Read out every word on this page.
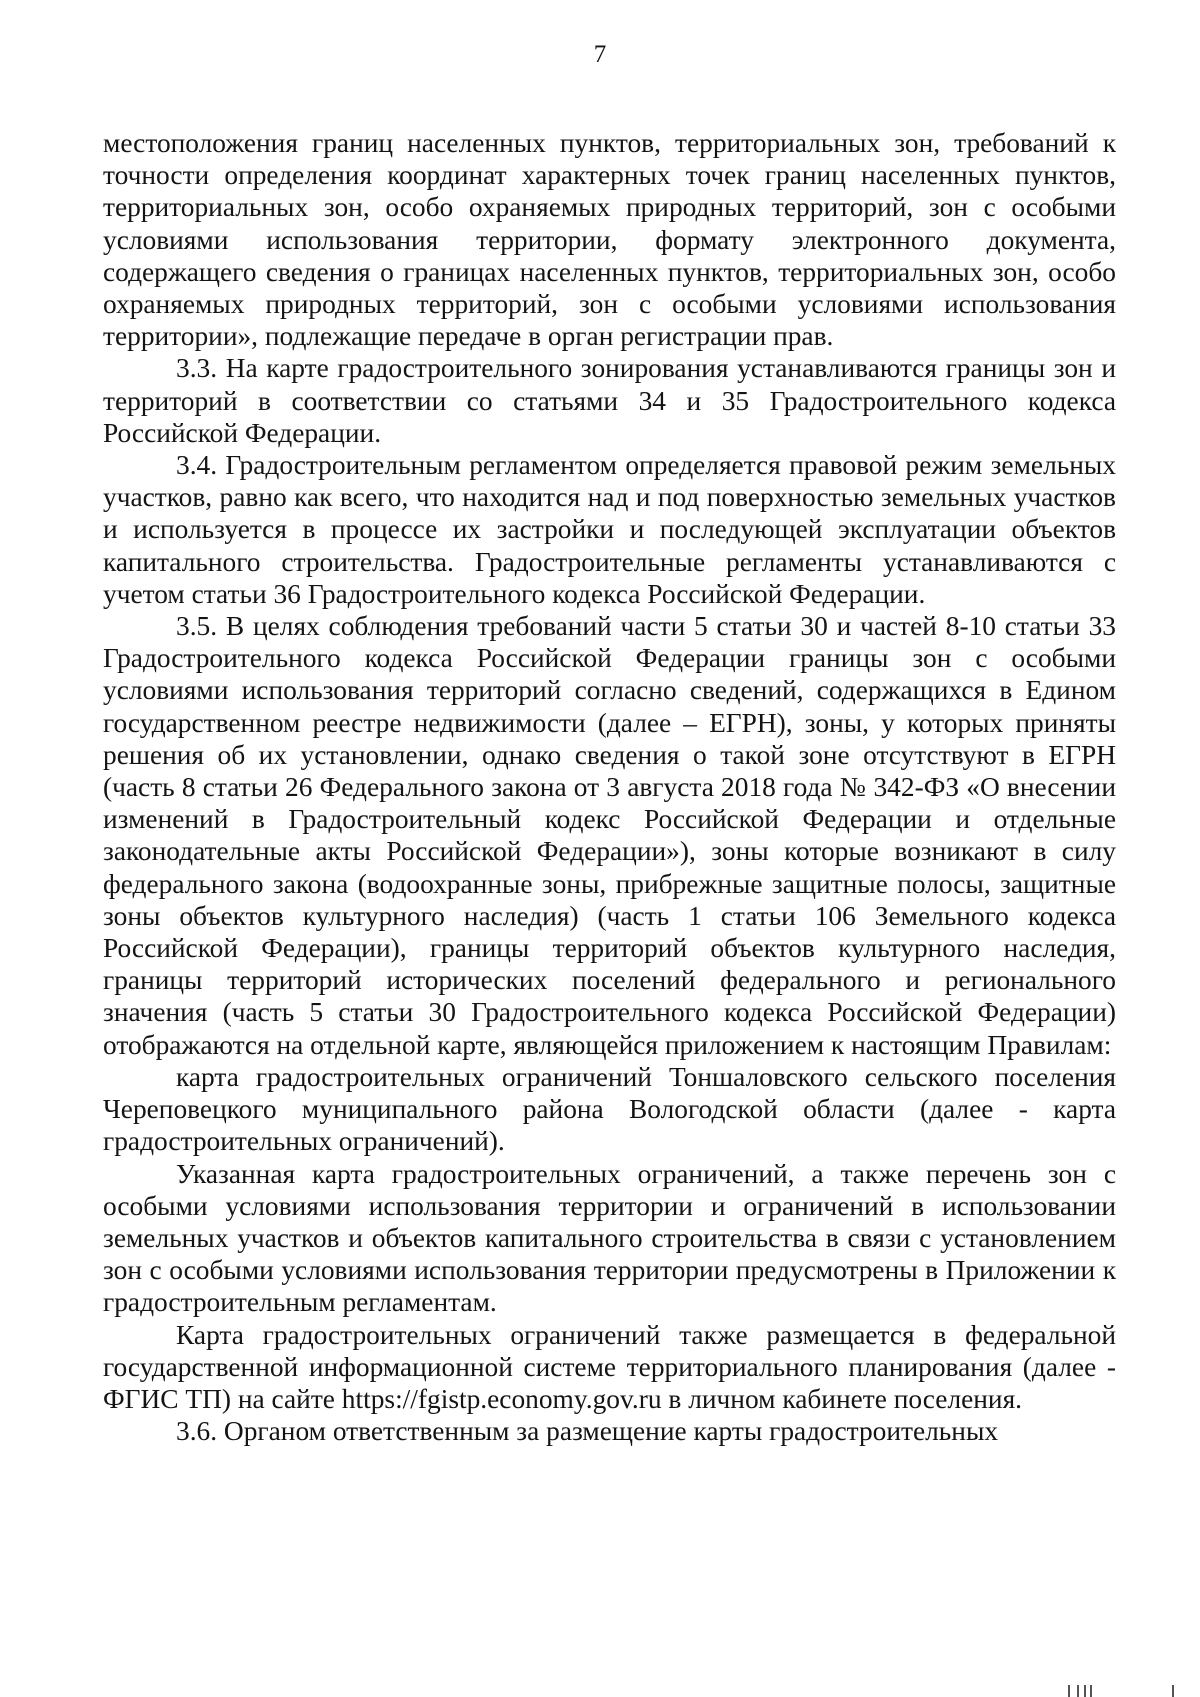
7

местоположения границ населенных пунктов, территориальных зон, требований к точности определения координат характерных точек границ населенных пунктов, территориальных зон, особо охраняемых природных территорий, зон с особыми условиями использования территории, формату электронного документа, содержащего сведения о границах населенных пунктов, территориальных зон, особо охраняемых природных территорий, зон с особыми условиями использования территории», подлежащие передаче в орган регистрации прав.

3.3. На карте градостроительного зонирования устанавливаются границы зон и территорий в соответствии со статьями 34 и 35 Градостроительного кодекса Российской Федерации.

3.4. Градостроительным регламентом определяется правовой режим земельных участков, равно как всего, что находится над и под поверхностью земельных участков и используется в процессе их застройки и последующей эксплуатации объектов капитального строительства. Градостроительные регламенты устанавливаются с учетом статьи 36 Градостроительного кодекса Российской Федерации.

3.5. В целях соблюдения требований части 5 статьи 30 и частей 8-10 статьи 33 Градостроительного кодекса Российской Федерации границы зон с особыми условиями использования территорий согласно сведений, содержащихся в Едином государственном реестре недвижимости (далее – ЕГРН), зоны, у которых приняты решения об их установлении, однако сведения о такой зоне отсутствуют в ЕГРН (часть 8 статьи 26 Федерального закона от 3 августа 2018 года № 342-ФЗ «О внесении изменений в Градостроительный кодекс Российской Федерации и отдельные законодательные акты Российской Федерации»), зоны которые возникают в силу федерального закона (водоохранные зоны, прибрежные защитные полосы, защитные зоны объектов культурного наследия) (часть 1 статьи 106 Земельного кодекса Российской Федерации), границы территорий объектов культурного наследия, границы территорий исторических поселений федерального и регионального значения (часть 5 статьи 30 Градостроительного кодекса Российской Федерации) отображаются на отдельной карте, являющейся приложением к настоящим Правилам:

карта градостроительных ограничений Тоншаловского сельского поселения Череповецкого муниципального района Вологодской области (далее - карта градостроительных ограничений).

Указанная карта градостроительных ограничений, а также перечень зон с особыми условиями использования территории и ограничений в использовании земельных участков и объектов капитального строительства в связи с установлением зон с особыми условиями использования территории предусмотрены в Приложении к градостроительным регламентам.

Карта градостроительных ограничений также размещается в федеральной государственной информационной системе территориального планирования (далее - ФГИС ТП) на сайте https://fgistp.economy.gov.ru в личном кабинете поселения.

3.6. Органом ответственным за размещение карты градостроительных
